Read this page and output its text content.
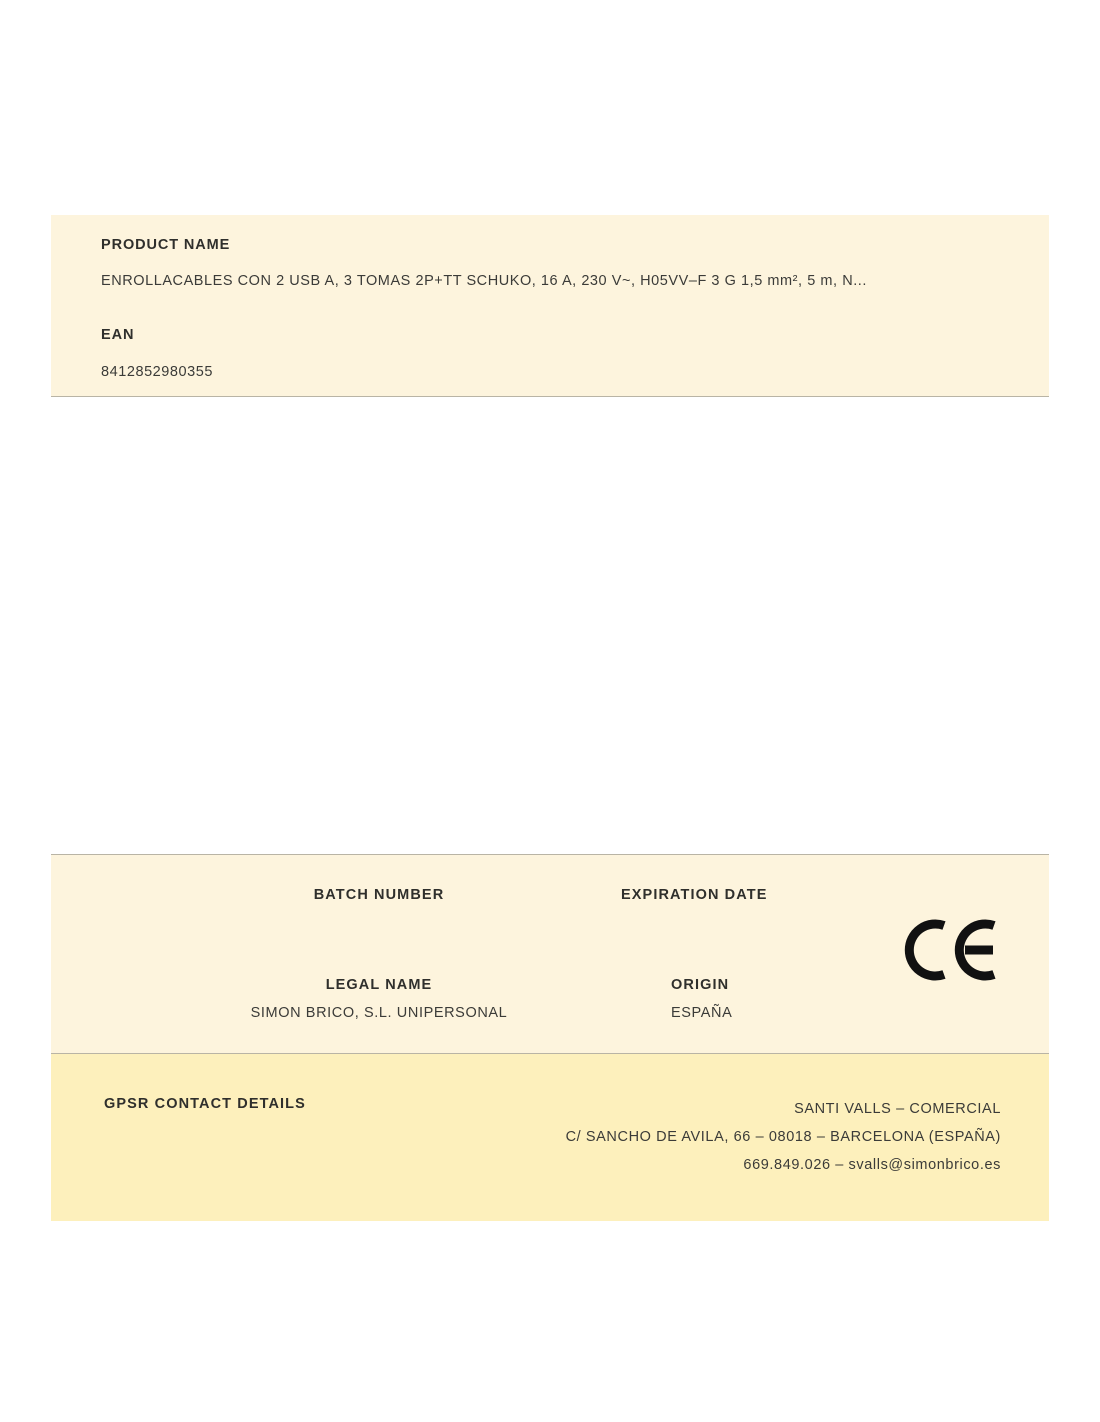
PRODUCT NAME
ENROLLACABLES CON 2 USB A, 3 TOMAS 2P+TT SCHUKO, 16 A, 230 V~, H05VV–F 3 G 1,5 mm², 5 m, N...
EAN
8412852980355
BATCH NUMBER	EXPIRATION DATE
LEGAL NAME
SIMON BRICO, S.L. UNIPERSONAL
ORIGIN
ESPAÑA
GPSR CONTACT DETAILS	SANTI VALLS – COMERCIAL
C/ SANCHO DE AVILA, 66 – 08018 – BARCELONA (ESPAÑA)
669.849.026 – svalls@simonbrico.es
